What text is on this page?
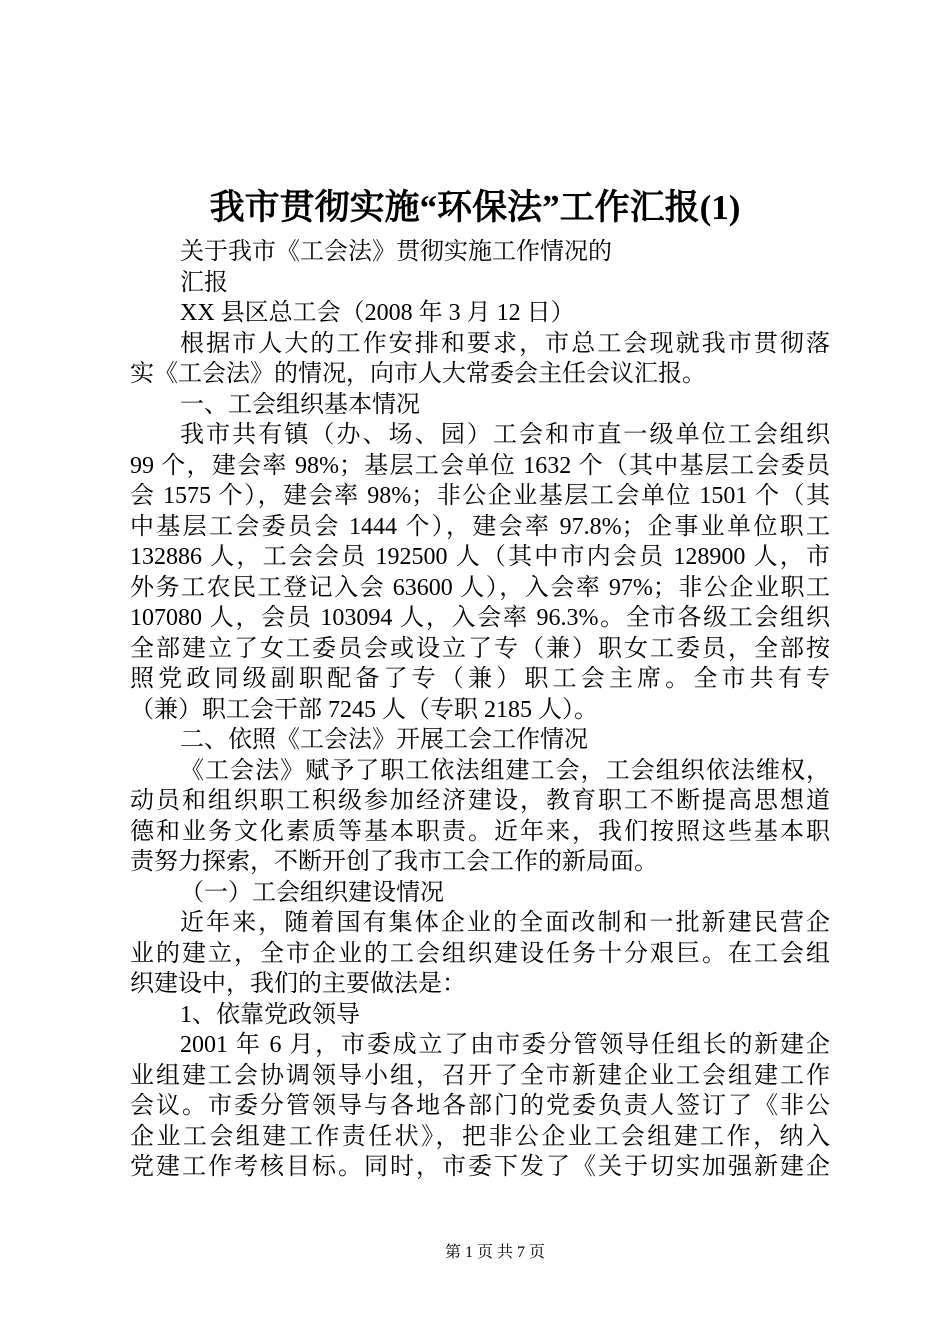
我市贯彻实施“环保法”工作汇报(1)
关于我市《工会法》贯彻实施工作情况的
汇报
XX 县区总工会（2008 年 3 月 12 日）
根据市人大的工作安排和要求，市总工会现就我市贯彻落
实《工会法》的情况，向市人大常委会主任会议汇报。
一、工会组织基本情况
我市共有镇（办、场、园）工会和市直一级单位工会组织
99 个，建会率 98%；基层工会单位 1632 个（其中基层工会委员
会 1575 个），建会率 98%；非公企业基层工会单位 1501 个（其
中基层工会委员会 1444 个），建会率 97.8%；企事业单位职工
132886 人，工会会员 192500 人（其中市内会员 128900 人，市
外务工农民工登记入会 63600 人），入会率 97%；非公企业职工
107080 人，会员 103094 人，入会率 96.3%。全市各级工会组织
全部建立了女工委员会或设立了专（兼）职女工委员，全部按
照党政同级副职配备了专（兼）职工会主席。全市共有专
（兼）职工会干部 7245 人（专职 2185 人）。
二、依照《工会法》开展工会工作情况
《工会法》赋予了职工依法组建工会，工会组织依法维权，
动员和组织职工积级参加经济建设，教育职工不断提高思想道
德和业务文化素质等基本职责。近年来，我们按照这些基本职
责努力探索，不断开创了我市工会工作的新局面。
（一）工会组织建设情况
近年来，随着国有集体企业的全面改制和一批新建民营企
业的建立，全市企业的工会组织建设任务十分艰巨。在工会组
织建设中，我们的主要做法是：
1、依靠党政领导
2001 年 6 月，市委成立了由市委分管领导任组长的新建企
业组建工会协调领导小组，召开了全市新建企业工会组建工作
会议。市委分管领导与各地各部门的党委负责人签订了《非公
企业工会组建工作责任状》，把非公企业工会组建工作，纳入
党建工作考核目标。同时，市委下发了《关于切实加强新建企
第 1 页 共 7 页
